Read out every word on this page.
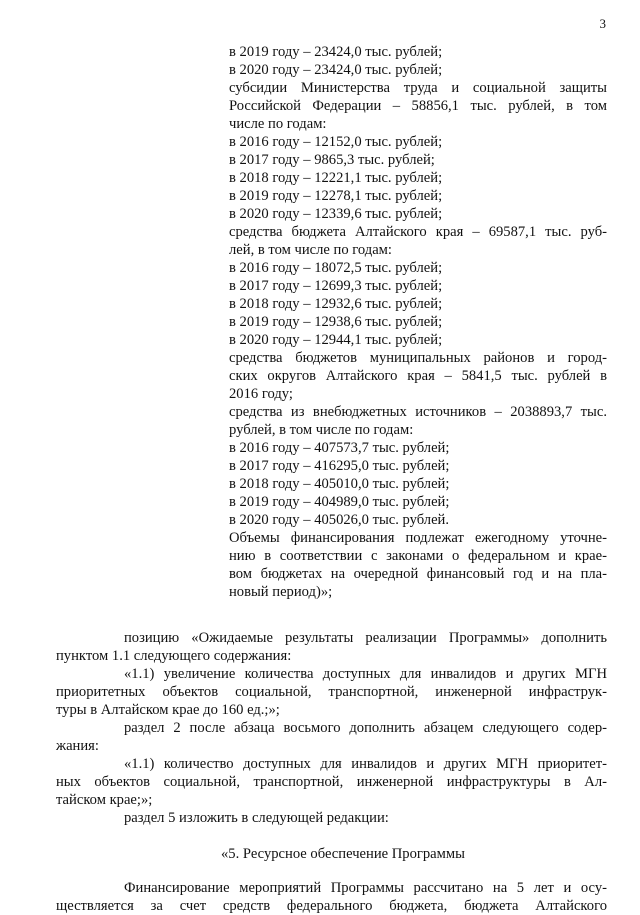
3
в 2019 году – 23424,0 тыс. рублей;
в 2020 году – 23424,0 тыс. рублей;
субсидии Министерства труда и социальной защиты
Российской Федерации – 58856,1 тыс. рублей, в том
числе по годам:
в 2016 году – 12152,0 тыс. рублей;
в 2017 году – 9865,3 тыс. рублей;
в 2018 году – 12221,1 тыс. рублей;
в 2019 году – 12278,1 тыс. рублей;
в 2020 году – 12339,6 тыс. рублей;
средства бюджета Алтайского края – 69587,1 тыс. руб-
лей, в том числе по годам:
в 2016 году – 18072,5 тыс. рублей;
в 2017 году – 12699,3 тыс. рублей;
в 2018 году – 12932,6 тыс. рублей;
в 2019 году – 12938,6 тыс. рублей;
в 2020 году – 12944,1 тыс. рублей;
средства бюджетов муниципальных районов и город-
ских округов Алтайского края – 5841,5 тыс. рублей в
2016 году;
средства из внебюджетных источников – 2038893,7 тыс.
рублей, в том числе по годам:
в 2016 году – 407573,7 тыс. рублей;
в 2017 году – 416295,0 тыс. рублей;
в 2018 году – 405010,0 тыс. рублей;
в 2019 году – 404989,0 тыс. рублей;
в 2020 году – 405026,0 тыс. рублей.
Объемы финансирования подлежат ежегодному уточне-
нию в соответствии с законами о федеральном и крае-
вом бюджетах на очередной финансовый год и на пла-
новый период)»;
позицию «Ожидаемые результаты реализации Программы» дополнить
пунктом 1.1 следующего содержания:
«1.1) увеличение количества доступных для инвалидов и других МГН
приоритетных объектов социальной, транспортной, инженерной инфраструк-
туры в Алтайском крае до 160 ед.;»;
раздел 2 после абзаца восьмого дополнить абзацем следующего содер-
жания:
«1.1) количество доступных для инвалидов и других МГН приоритет-
ных объектов социальной, транспортной, инженерной инфраструктуры в Ал-
тайском крае;»;
раздел 5 изложить в следующей редакции:
«5. Ресурсное обеспечение Программы
Финансирование мероприятий Программы рассчитано на 5 лет и осу-
ществляется за счет средств федерального бюджета, бюджета Алтайского
